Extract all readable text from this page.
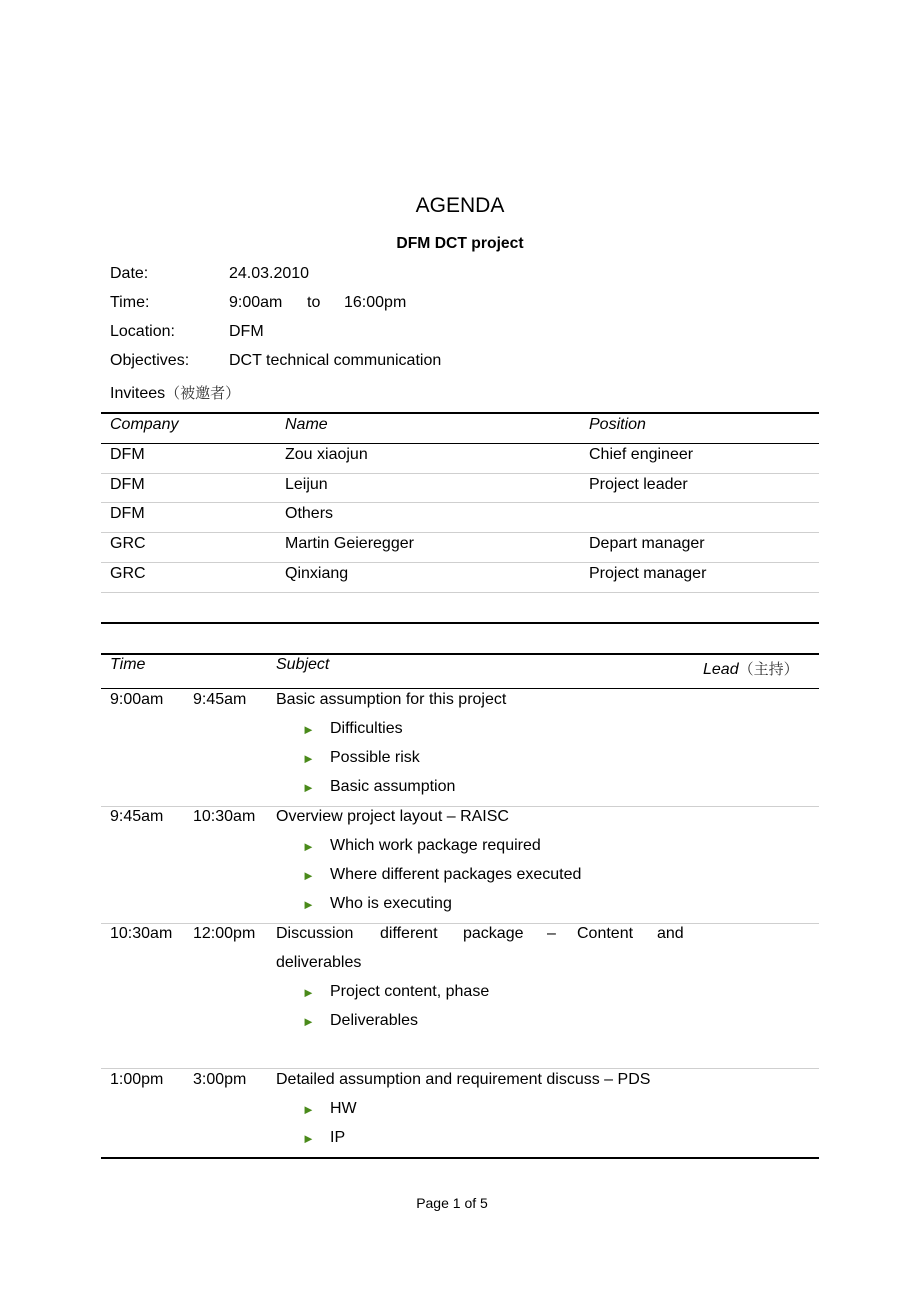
AGENDA
DFM DCT project
Date:	24.03.2010
Time:	9:00am to 16:00pm
Location:	DFM
Objectives: DCT technical communication
Invitees（被邀者）
Company	Name	Position
DFM	Zou xiaojun	Chief engineer
DFM	Leijun	Project leader
DFM	Others
GRC	Martin Geieregger	Depart manager
GRC	Qinxiang	Project manager
Time	Subject	Lead（主持）
9:00am 9:45am Basic assumption for this project
► Difficulties
► Possible risk
► Basic assumption
9:45am 10:30am Overview project layout – RAISC
► Which work package required
► Where different packages executed
► Who is executing
10:30am 12:00pm Discussion different package – Content and
deliverables
► Project content, phase
► Deliverables
1:00pm 3:00pm Detailed assumption and requirement discuss – PDS
► HW
► IP
Page 1 of 5
